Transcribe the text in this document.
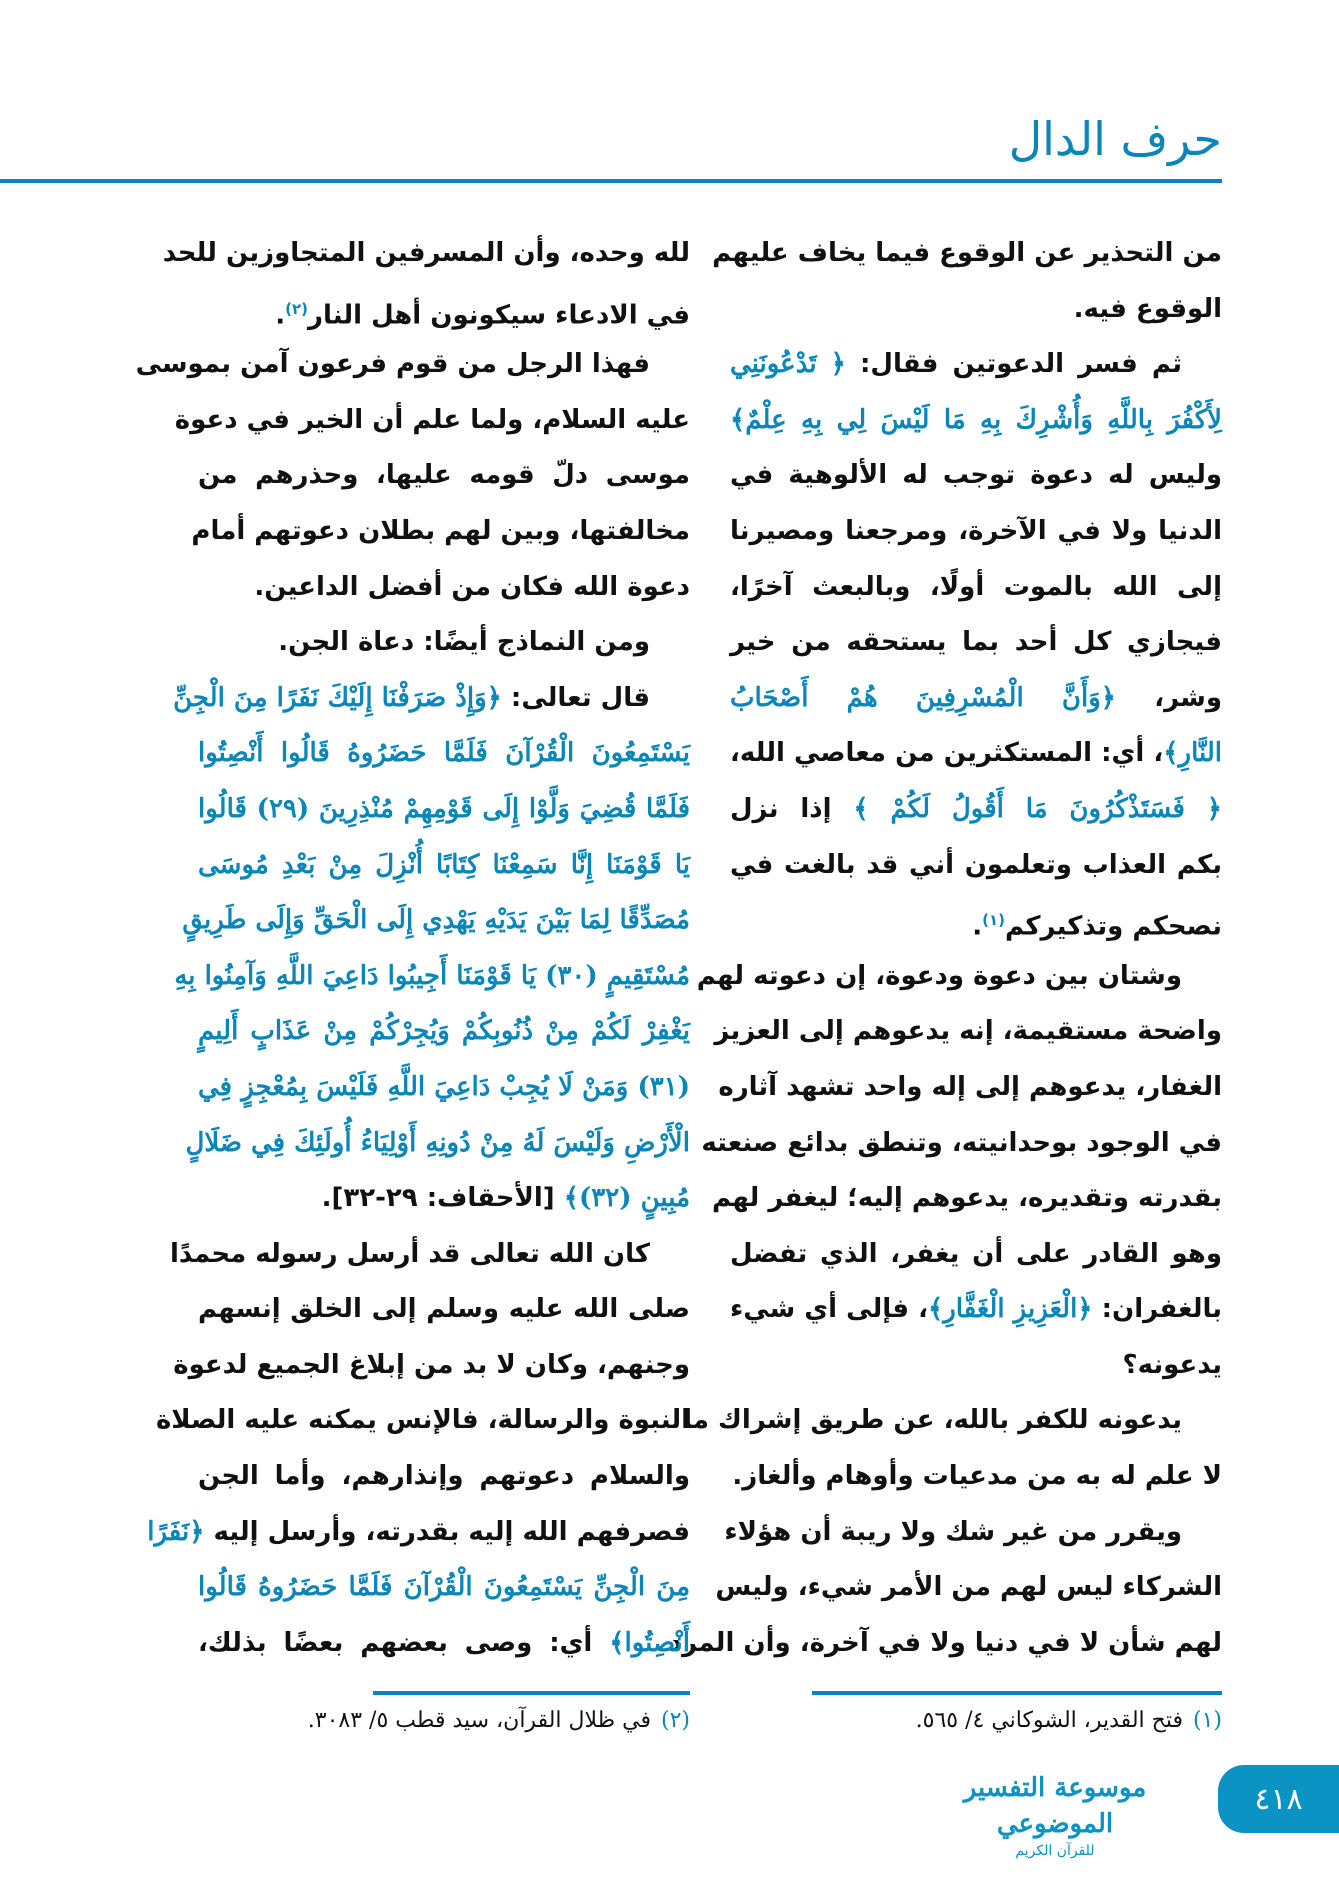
حرف الدال
من التحذير عن الوقوع فيما يخاف عليهم
الوقوع فيه.
ثم فسر الدعوتين فقال: ﴿ تَدْعُونَنِي
لِأَكْفُرَ بِاللَّهِ وَأُشْرِكَ بِهِ مَا لَيْسَ لِي بِهِ عِلْمٌ﴾
وليس له دعوة توجب له الألوهية في
الدنيا ولا في الآخرة، ومرجعنا ومصيرنا
إلى الله بالموت أولًا، وبالبعث آخرًا،
فيجازي كل أحد بما يستحقه من خير
وشر، ﴿وَأَنَّ الْمُسْرِفِينَ هُمْ أَصْحَابُ
النَّارِ﴾، أي: المستكثرين من معاصي الله،
﴿ فَسَتَذْكُرُونَ مَا أَقُولُ لَكُمْ ﴾ إذا نزل
بكم العذاب وتعلمون أني قد بالغت في
نصحكم وتذكيركم$^{(١)}$.
وشتان بين دعوة ودعوة، إن دعوته لهم
واضحة مستقيمة، إنه يدعوهم إلى العزيز
الغفار، يدعوهم إلى إله واحد تشهد آثاره
في الوجود بوحدانيته، وتنطق بدائع صنعته
بقدرته وتقديره، يدعوهم إليه؛ ليغفر لهم
وهو القادر على أن يغفر، الذي تفضل
بالغفران: ﴿الْعَزِيزِ الْغَفَّارِ﴾، فإلى أي شيء
يدعونه؟
يدعونه للكفر بالله، عن طريق إشراك ما
لا علم له به من مدعيات وأوهام وألغاز.
ويقرر من غير شك ولا ريبة أن هؤلاء
الشركاء ليس لهم من الأمر شيء، وليس
لهم شأن لا في دنيا ولا في آخرة، وأن المرد
لله وحده، وأن المسرفين المتجاوزين للحد
في الادعاء سيكونون أهل النار$^{(٢)}$.
فهذا الرجل من قوم فرعون آمن بموسى
عليه السلام، ولما علم أن الخير في دعوة
موسى دلّ قومه عليها، وحذرهم من
مخالفتها، وبين لهم بطلان دعوتهم أمام
دعوة الله فكان من أفضل الداعين.
ومن النماذج أيضًا: دعاة الجن.
قال تعالى: ﴿وَإِذْ صَرَفْنَا إِلَيْكَ نَفَرًا مِنَ الْجِنِّ
يَسْتَمِعُونَ الْقُرْآنَ فَلَمَّا حَضَرُوهُ قَالُوا أَنْصِتُوا
فَلَمَّا قُضِيَ وَلَّوْا إِلَى قَوْمِهِمْ مُنْذِرِينَ (٢٩) قَالُوا
يَا قَوْمَنَا إِنَّا سَمِعْنَا كِتَابًا أُنْزِلَ مِنْ بَعْدِ مُوسَى
مُصَدِّقًا لِمَا بَيْنَ يَدَيْهِ يَهْدِي إِلَى الْحَقِّ وَإِلَى طَرِيقٍ
مُسْتَقِيمٍ (٣٠) يَا قَوْمَنَا أَجِيبُوا دَاعِيَ اللَّهِ وَآمِنُوا بِهِ
يَغْفِرْ لَكُمْ مِنْ ذُنُوبِكُمْ وَيُجِرْكُمْ مِنْ عَذَابٍ أَلِيمٍ
(٣١) وَمَنْ لَا يُجِبْ دَاعِيَ اللَّهِ فَلَيْسَ بِمُعْجِزٍ فِي
الْأَرْضِ وَلَيْسَ لَهُ مِنْ دُونِهِ أَوْلِيَاءُ أُولَئِكَ فِي ضَلَالٍ
مُبِينٍ (٣٢)﴾ [الأحقاف: ٢٩-٣٢].
كان الله تعالى قد أرسل رسوله محمدًا
صلى الله عليه وسلم إلى الخلق إنسهم
وجنهم، وكان لا بد من إبلاغ الجميع لدعوة
النبوة والرسالة، فالإنس يمكنه عليه الصلاة
والسلام دعوتهم وإنذارهم، وأما الجن
فصرفهم الله إليه بقدرته، وأرسل إليه ﴿نَفَرًا
مِنَ الْجِنِّ يَسْتَمِعُونَ الْقُرْآنَ فَلَمَّا حَضَرُوهُ قَالُوا
أَنْصِتُوا﴾ أي: وصى بعضهم بعضًا بذلك،
(١)فتح القدير، الشوكاني ٤/ ٥٦٥.
(٢)في ظلال القرآن، سيد قطب ٥/ ٣٠٨٣.
موسوعة التفسير الموضوعي
للقرآن الكريم
٤١٨
